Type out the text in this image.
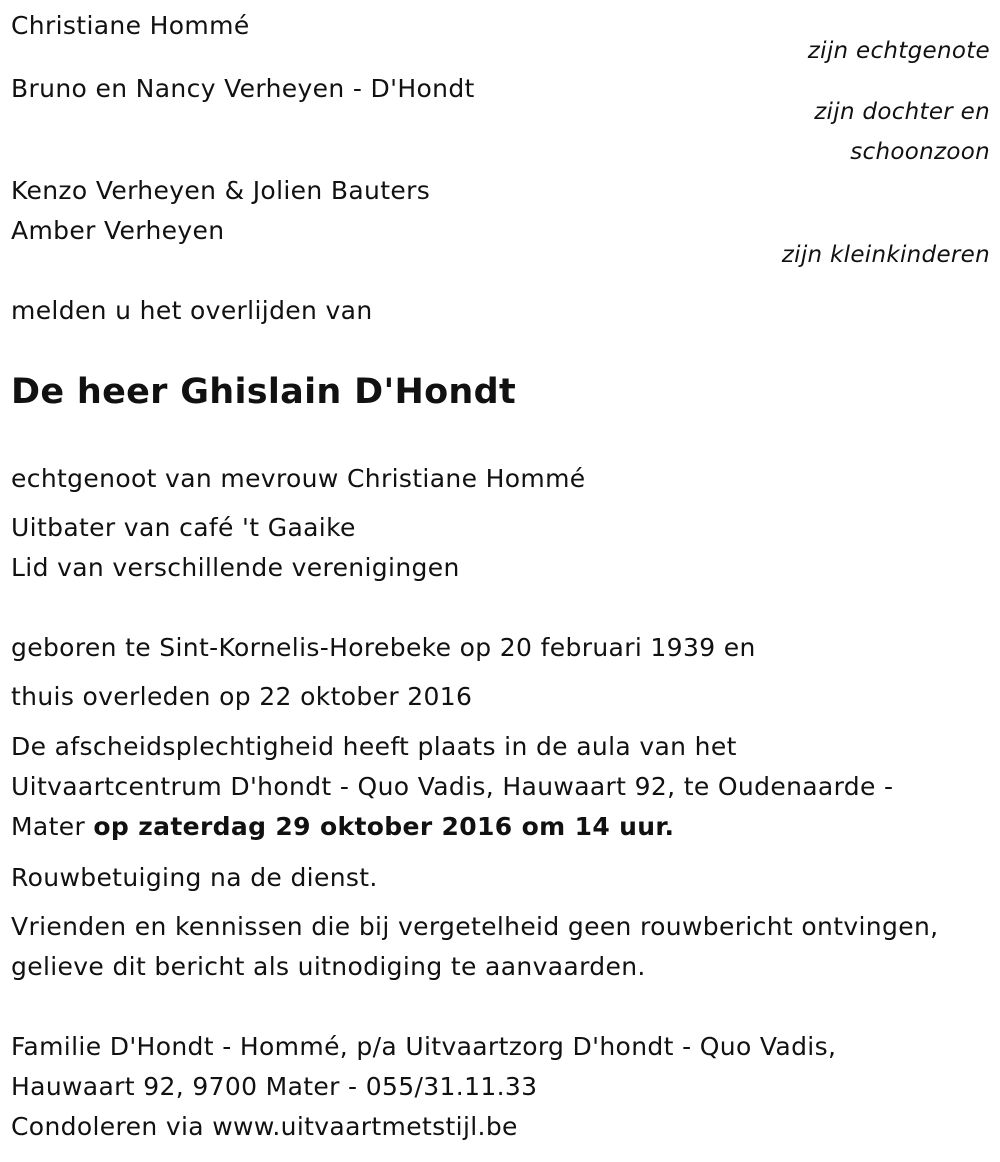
Christiane Hommé
zijn echtgenote
Bruno en Nancy Verheyen - D'Hondt
zijn dochter en
schoonzoon
Kenzo Verheyen & Jolien Bauters
Amber Verheyen
zijn kleinkinderen
melden u het overlijden van
De heer Ghislain D'Hondt
echtgenoot van mevrouw Christiane Hommé
Uitbater van café 't Gaaike
Lid van verschillende verenigingen
geboren te Sint-Kornelis-Horebeke op 20 februari 1939 en
thuis overleden op 22 oktober 2016
De afscheidsplechtigheid heeft plaats in de aula van het
Uitvaartcentrum D'hondt - Quo Vadis, Hauwaart 92, te Oudenaarde -
Mater op zaterdag 29 oktober 2016 om 14 uur.
Rouwbetuiging na de dienst.
Vrienden en kennissen die bij vergetelheid geen rouwbericht ontvingen,
gelieve dit bericht als uitnodiging te aanvaarden.
Familie D'Hondt - Hommé, p/a Uitvaartzorg D'hondt - Quo Vadis,
Hauwaart 92, 9700 Mater - 055/31.11.33
Condoleren via www.uitvaartmetstijl.be
